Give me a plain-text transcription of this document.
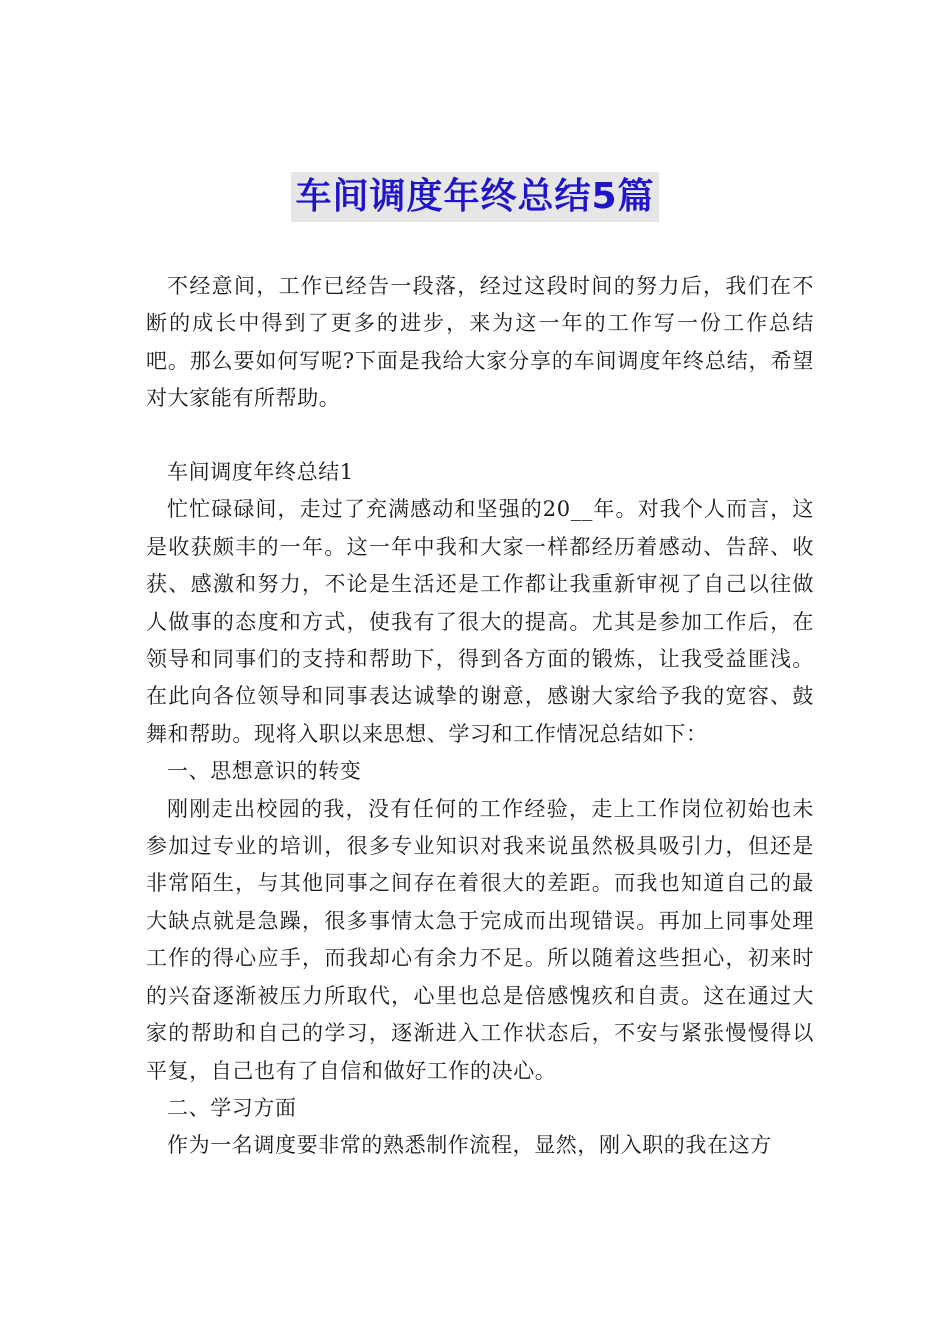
车间调度年终总结5篇

不经意间，工作已经告一段落，经过这段时间的努力后，我们在不断的成长中得到了更多的进步，来为这一年的工作写一份工作总结吧。那么要如何写呢?下面是我给大家分享的车间调度年终总结，希望对大家能有所帮助。

车间调度年终总结1

忙忙碌碌间，走过了充满感动和坚强的20__年。对我个人而言，这是收获颇丰的一年。这一年中我和大家一样都经历着感动、告辞、收获、感激和努力，不论是生活还是工作都让我重新审视了自己以往做人做事的态度和方式，使我有了很大的提高。尤其是参加工作后，在领导和同事们的支持和帮助下，得到各方面的锻炼，让我受益匪浅。在此向各位领导和同事表达诚挚的谢意，感谢大家给予我的宽容、鼓舞和帮助。现将入职以来思想、学习和工作情况总结如下：

一、思想意识的转变

刚刚走出校园的我，没有任何的工作经验，走上工作岗位初始也未参加过专业的培训，很多专业知识对我来说虽然极具吸引力，但还是非常陌生，与其他同事之间存在着很大的差距。而我也知道自己的最大缺点就是急躁，很多事情太急于完成而出现错误。再加上同事处理工作的得心应手，而我却心有余力不足。所以随着这些担心，初来时的兴奋逐渐被压力所取代，心里也总是倍感愧疚和自责。这在通过大家的帮助和自己的学习，逐渐进入工作状态后，不安与紧张慢慢得以平复，自己也有了自信和做好工作的决心。

二、学习方面

作为一名调度要非常的熟悉制作流程，显然，刚入职的我在这方
